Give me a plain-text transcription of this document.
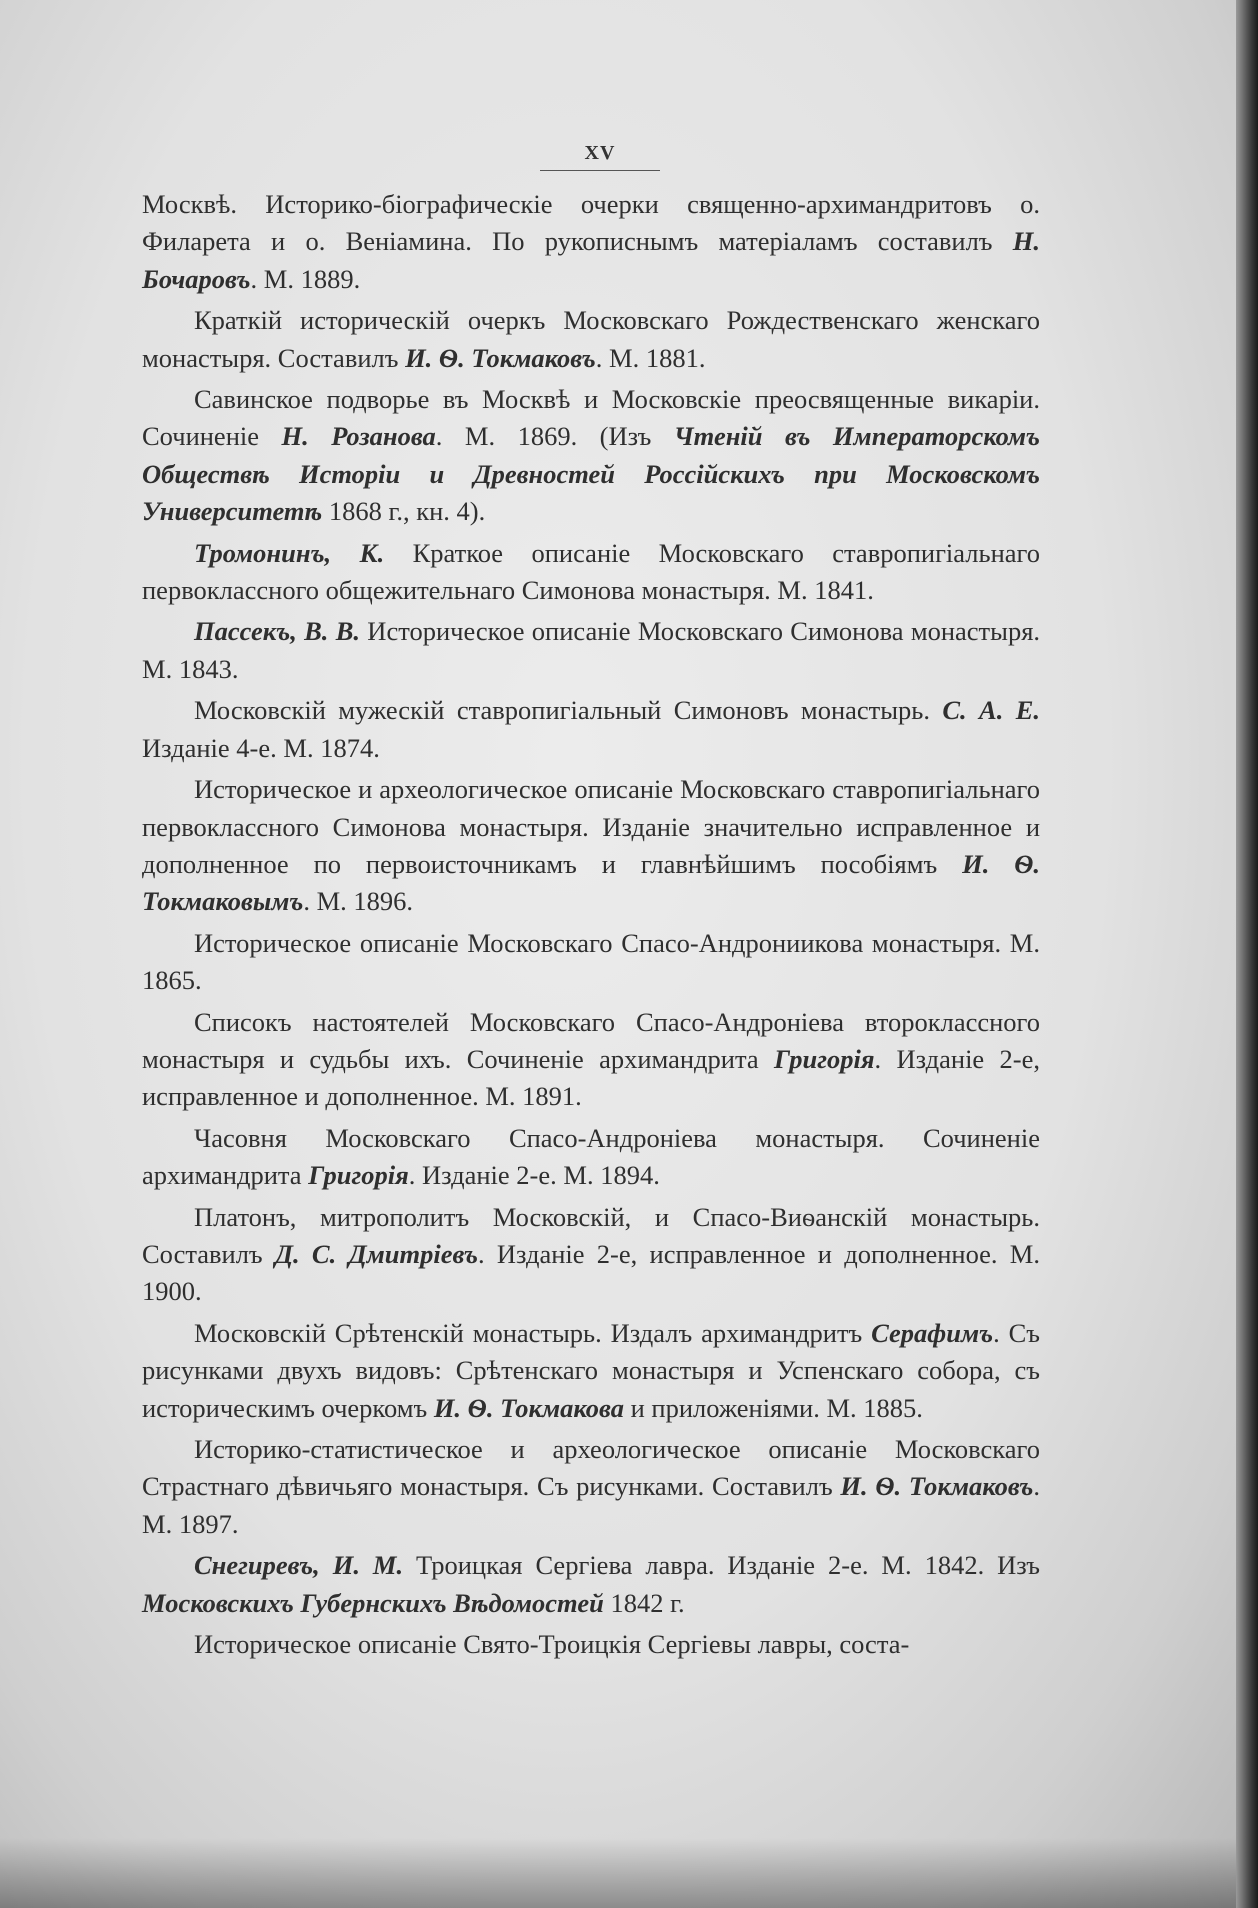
XV

Москвѣ. Историко-біографическіе очерки священно-архимандритовъ о. Филарета и о. Веніамина. По рукописнымъ матеріаламъ составилъ Н. Бочаровъ. М. 1889.

Краткій историческій очеркъ Московскаго Рождественскаго женскаго монастыря. Составилъ И. Ѳ. Токмаковъ. М. 1881.

Савинское подворье въ Москвѣ и Московскіе преосвященные викаріи. Сочиненіе Н. Розанова. М. 1869. (Изъ Чтеній въ Императорскомъ Обществѣ Исторіи и Древностей Россійскихъ при Московскомъ Университетѣ 1868 г., кн. 4).

Тромонинъ, К. Краткое описаніе Московскаго ставропигіальнаго первоклассного общежительнаго Симонова монастыря. М. 1841.

Пассекъ, В. В. Историческое описаніе Московскаго Симонова монастыря. М. 1843.

Московскій мужескій ставропигіальный Симоновъ монастырь. С. А. Е. Изданіе 4-е. М. 1874.

Историческое и археологическое описаніе Московскаго ставропигіальнаго первоклассного Симонова монастыря. Изданіе значительно исправленное и дополненное по первоисточникамъ и главнѣйшимъ пособіямъ И. Ѳ. Токмаковымъ. М. 1896.

Историческое описаніе Московскаго Спасо-Андрониикова монастыря. М. 1865.

Списокъ настоятелей Московскаго Спасо-Андроніева второклассного монастыря и судьбы ихъ. Сочиненіе архимандрита Григорія. Изданіе 2-е, исправленное и дополненное. М. 1891.

Часовня Московскаго Спасо-Андроніева монастыря. Сочиненіе архимандрита Григорія. Изданіе 2-е. М. 1894.

Платонъ, митрополитъ Московскій, и Спасо-Виѳанскій монастырь. Составилъ Д. С. Дмитріевъ. Изданіе 2-е, исправленное и дополненное. М. 1900.

Московскій Срѣтенскій монастырь. Издалъ архимандритъ Серафимъ. Съ рисунками двухъ видовъ: Срѣтенскаго монастыря и Успенскаго собора, съ историческимъ очеркомъ И. Ѳ. Токмакова и приложеніями. М. 1885.

Историко-статистическое и археологическое описаніе Московскаго Страстнаго дѣвичьяго монастыря. Съ рисунками. Составилъ И. Ѳ. Токмаковъ. М. 1897.

Снегиревъ, И. М. Троицкая Сергіева лавра. Изданіе 2-е. М. 1842. Изъ Московскихъ Губернскихъ Вѣдомостей 1842 г.

Историческое описаніе Свято-Троицкія Сергіевы лавры, соста-
